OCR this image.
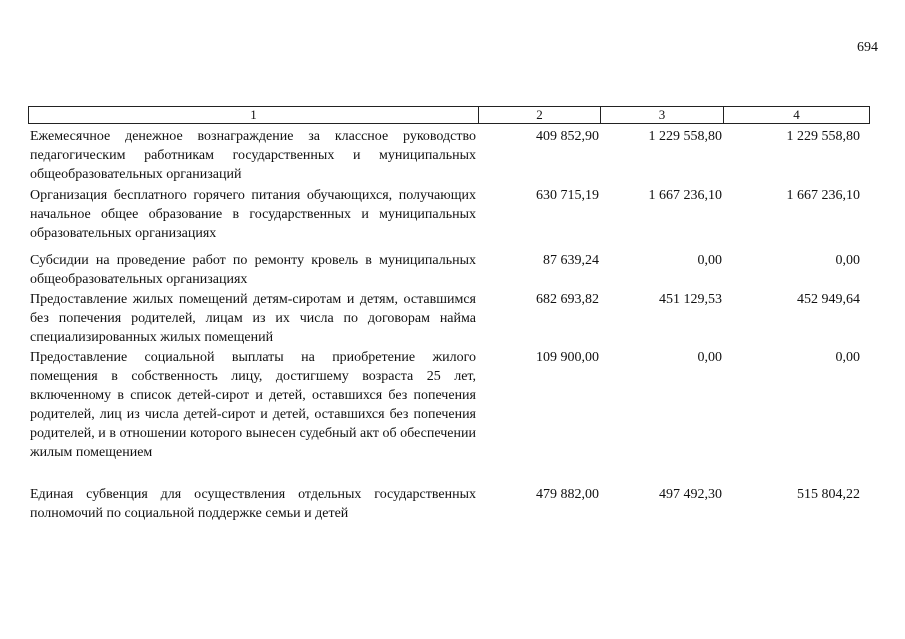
694
1	2	3	4
Ежемесячное денежное вознаграждение за классное руководство педагогическим работникам государственных и муниципальных общеобразовательных организаций
409 852,90	1 229 558,80	1 229 558,80
Организация бесплатного горячего питания обучающихся, получающих начальное общее образование в государственных и муниципальных образовательных организациях
630 715,19	1 667 236,10	1 667 236,10
Субсидии на проведение работ по ремонту кровель в муниципальных общеобразовательных организациях
87 639,24	0,00	0,00
Предоставление жилых помещений детям-сиротам и детям, оставшимся без попечения родителей, лицам из их числа по договорам найма специализированных жилых помещений
682 693,82	451 129,53	452 949,64
Предоставление социальной выплаты на приобретение жилого помещения в собственность лицу, достигшему возраста 25 лет, включенному в список детей-сирот и детей, оставшихся без попечения родителей, лиц из числа детей-сирот и детей, оставшихся без попечения родителей, и в отношении которого вынесен судебный акт об обеспечении жилым помещением
109 900,00	0,00	0,00
Единая субвенция для осуществления отдельных государственных полномочий по социальной поддержке семьи и детей
479 882,00	497 492,30	515 804,22
